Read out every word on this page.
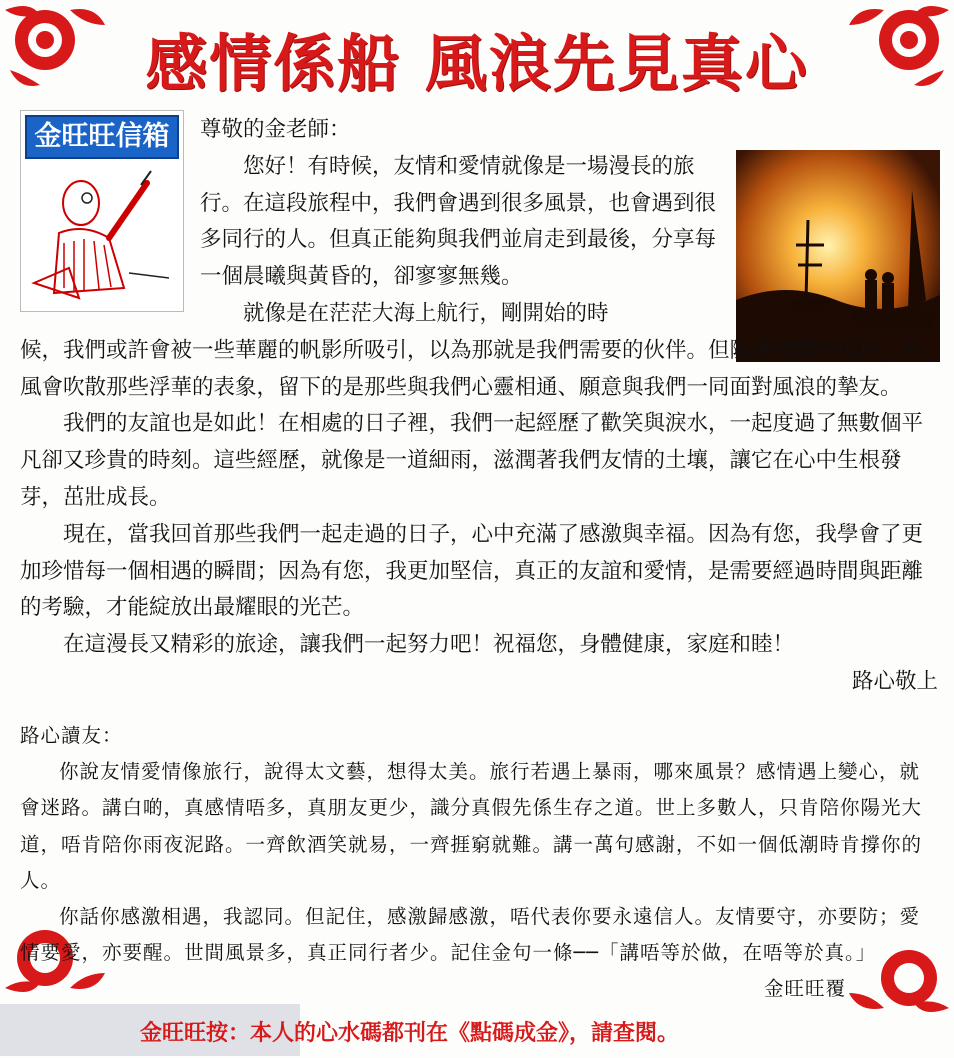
感情係船 風浪先見真心
金旺旺信箱	尊敬的金老師：

您好！有時候，友情和愛情就像是一場漫長的旅行。在這段旅程中，我們會遇到很多風景，也會遇到很多同行的人。但真正能夠與我們並肩走到最後，分享每一個晨曦與黃昏的，卻寥寥無幾。

就像是在茫茫大海上航行，剛開始的時

候，我們或許會被一些華麗的帆影所吸引，以為那就是我們需要的伙伴。但隨著時間的推移，海風會吹散那些浮華的表象，留下的是那些與我們心靈相通、願意與我們一同面對風浪的摯友。

我們的友誼也是如此！在相處的日子裡，我們一起經歷了歡笑與淚水，一起度過了無數個平凡卻又珍貴的時刻。這些經歷，就像是一道細雨，滋潤著我們友情的土壤，讓它在心中生根發芽，茁壯成長。

現在，當我回首那些我們一起走過的日子，心中充滿了感激與幸福。因為有您，我學會了更加珍惜每一個相遇的瞬間；因為有您，我更加堅信，真正的友誼和愛情，是需要經過時間與距離的考驗，才能綻放出最耀眼的光芒。

在這漫長又精彩的旅途，讓我們一起努力吧！祝福您，身體健康，家庭和睦！

路心敬上

路心讀友：

你說友情愛情像旅行，說得太文藝，想得太美。旅行若遇上暴雨，哪來風景？感情遇上變心，就會迷路。講白啲，真感情唔多，真朋友更少，識分真假先係生存之道。世上多數人，只肯陪你陽光大道，唔肯陪你雨夜泥路。一齊飲酒笑就易，一齊捱窮就難。講一萬句感謝，不如一個低潮時肯撐你的人。

你話你感激相遇，我認同。但記住，感激歸感激，唔代表你要永遠信人。友情要守，亦要防；愛情要愛，亦要醒。世間風景多，真正同行者少。記住金句一條──「講唔等於做，在唔等於真。」

金旺旺覆

金旺旺按：本人的心水碼都刊在《點碼成金》，請查閱。
